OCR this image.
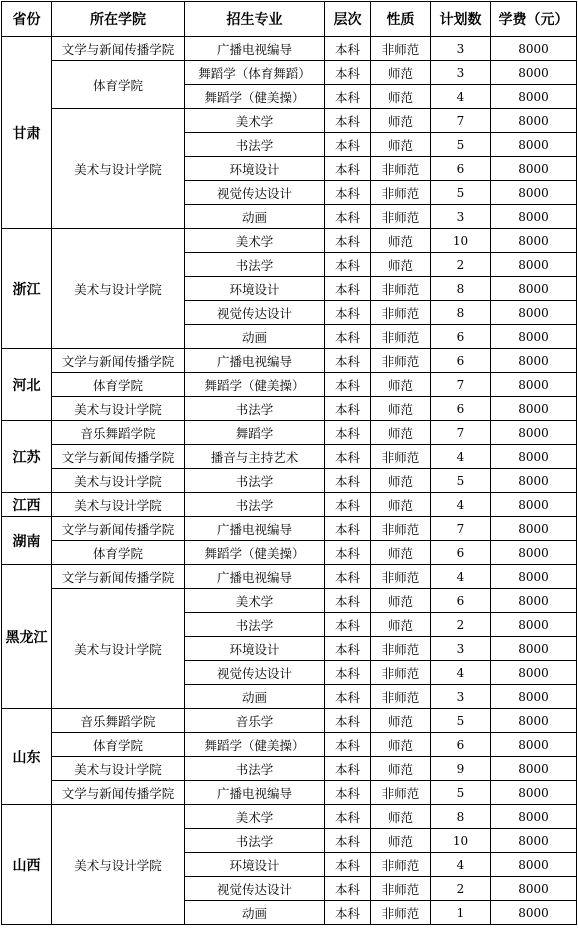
省份	所在学院	招生专业	层次	性质	计划数	学费（元）
甘肃	文学与新闻传播学院	广播电视编导	本科	非师范	3	8000
	体育学院	舞蹈学（体育舞蹈）	本科	师范	3	8000
		舞蹈学（健美操）	本科	师范	4	8000
	美术与设计学院	美术学	本科	师范	7	8000
		书法学	本科	师范	5	8000
		环境设计	本科	非师范	6	8000
		视觉传达设计	本科	非师范	5	8000
		动画	本科	非师范	3	8000
浙江	美术与设计学院	美术学	本科	师范	10	8000
		书法学	本科	师范	2	8000
		环境设计	本科	非师范	8	8000
		视觉传达设计	本科	非师范	8	8000
		动画	本科	非师范	6	8000
河北	文学与新闻传播学院	广播电视编导	本科	非师范	6	8000
	体育学院	舞蹈学（健美操）	本科	师范	7	8000
	美术与设计学院	书法学	本科	师范	6	8000
江苏	音乐舞蹈学院	舞蹈学	本科	师范	7	8000
	文学与新闻传播学院	播音与主持艺术	本科	非师范	4	8000
	美术与设计学院	书法学	本科	师范	5	8000
江西	美术与设计学院	书法学	本科	师范	4	8000
湖南	文学与新闻传播学院	广播电视编导	本科	非师范	7	8000
	体育学院	舞蹈学（健美操）	本科	师范	6	8000
黑龙江	文学与新闻传播学院	广播电视编导	本科	非师范	4	8000
	美术与设计学院	美术学	本科	师范	6	8000
		书法学	本科	师范	2	8000
		环境设计	本科	非师范	3	8000
		视觉传达设计	本科	非师范	4	8000
		动画	本科	非师范	3	8000
山东	音乐舞蹈学院	音乐学	本科	师范	5	8000
	体育学院	舞蹈学（健美操）	本科	师范	6	8000
	美术与设计学院	书法学	本科	师范	9	8000
	文学与新闻传播学院	广播电视编导	本科	非师范	5	8000
山西	美术与设计学院	美术学	本科	师范	8	8000
		书法学	本科	师范	10	8000
		环境设计	本科	非师范	4	8000
		视觉传达设计	本科	非师范	2	8000
		动画	本科	非师范	1	8000
